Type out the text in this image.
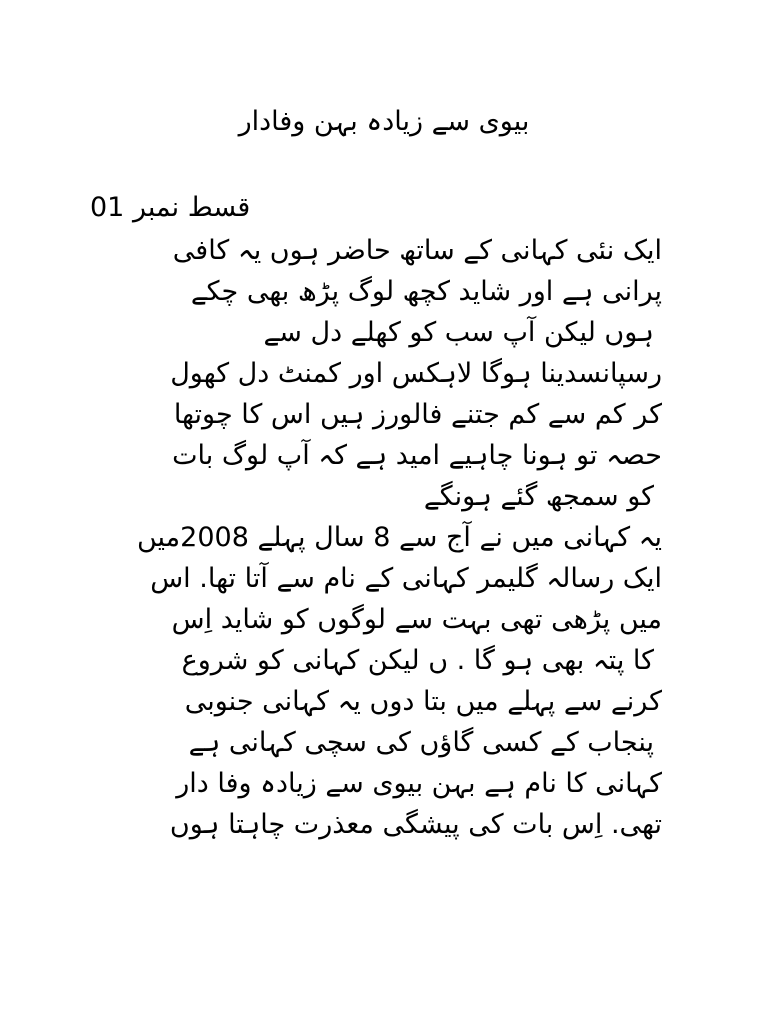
بیوی سے زیادہ بہن وفادار
قسط نمبر 01
ایک نئی کہانی کے ساتھ حاضر ہوں یہ کافی
پرانی ہے اور شاید کچھ لوگ پڑھ بھی چکے
ہوں لیکن آپ سب کو کھلے دل سے
رسپانسدینا ہوگا لاہکس اور کمنٹ دل کھول
کر کم سے کم جتنے فالورز ہیں اس کا چوتھا
حصہ تو ہونا چاہیے امید ہے کہ آپ لوگ بات
کو سمجھ گئے ہونگے
یہ کہانی میں نے آج سے 8 سال پہلے 2008میں
ایک رسالہ گلیمر کہانی کے نام سے آتا تھا. اس
میں پڑھی تھی بہت سے لوگوں کو شاید اِس
کا پتہ بھی ہو گا . ں لیکن کہانی کو شروع
کرنے سے پہلے میں بتا دوں یہ کہانی جنوبی
پنجاب کے کسی گاؤں کی سچی کہانی ہے
کہانی کا نام ہے بہن بیوی سے زیادہ وفا دار
تھی. اِس بات کی پیشگی معذرت چاہتا ہوں
